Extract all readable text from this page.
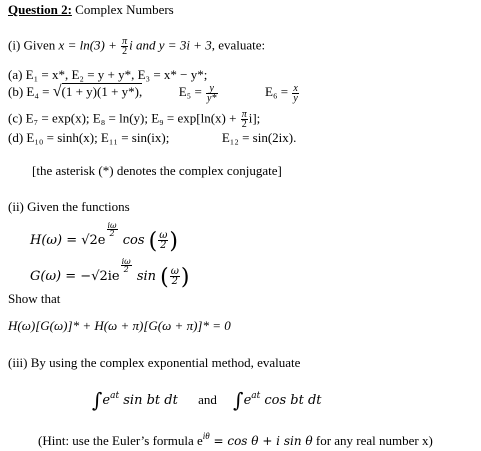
Question 2: Complex Numbers
(i) Given $x = \ln(3) + \frac{\pi}{2}$ i and y = 3i + 3, evaluate:
(a) E₁ = x*, E₂ = y + y*, E₃ = x* − y*;
(b) E₄ = √(1 + y)(1 + y*),	$E_5 = \frac{y}{y*}$	$E_6 = \frac{x}{y}$
(c) E₇ = exp(x); E₈ = ln(y); $E_9 = \exp[\ln(x) + \frac{\pi}{2} i]$;
(d) E₁₀ = sinh(x); E₁₁ = sin(ix);	E₁₂ = sin(2ix).
[the asterisk (*) denotes the complex conjugate]
(ii) Given the functions
H(ω) = √2e
$\frac{i\omega}{2}$
cos ( $\frac{\omega}{2}$ )
G(ω) = −√2ie
$\frac{i\omega}{2}$
sin ( $\frac{\omega}{2}$ )
Show that
H(ω)[G(ω)]* + H(ω + π)[G(ω + π)]* = 0
(iii) By using the complex exponential method, evaluate
$\int e^{at}$ sin bt dt and $\int e^{at}$ cos bt dt
(Hint: use the Euler’s formula $e^{i\theta} = \cos \theta + i$ sin θ for any real number x)
